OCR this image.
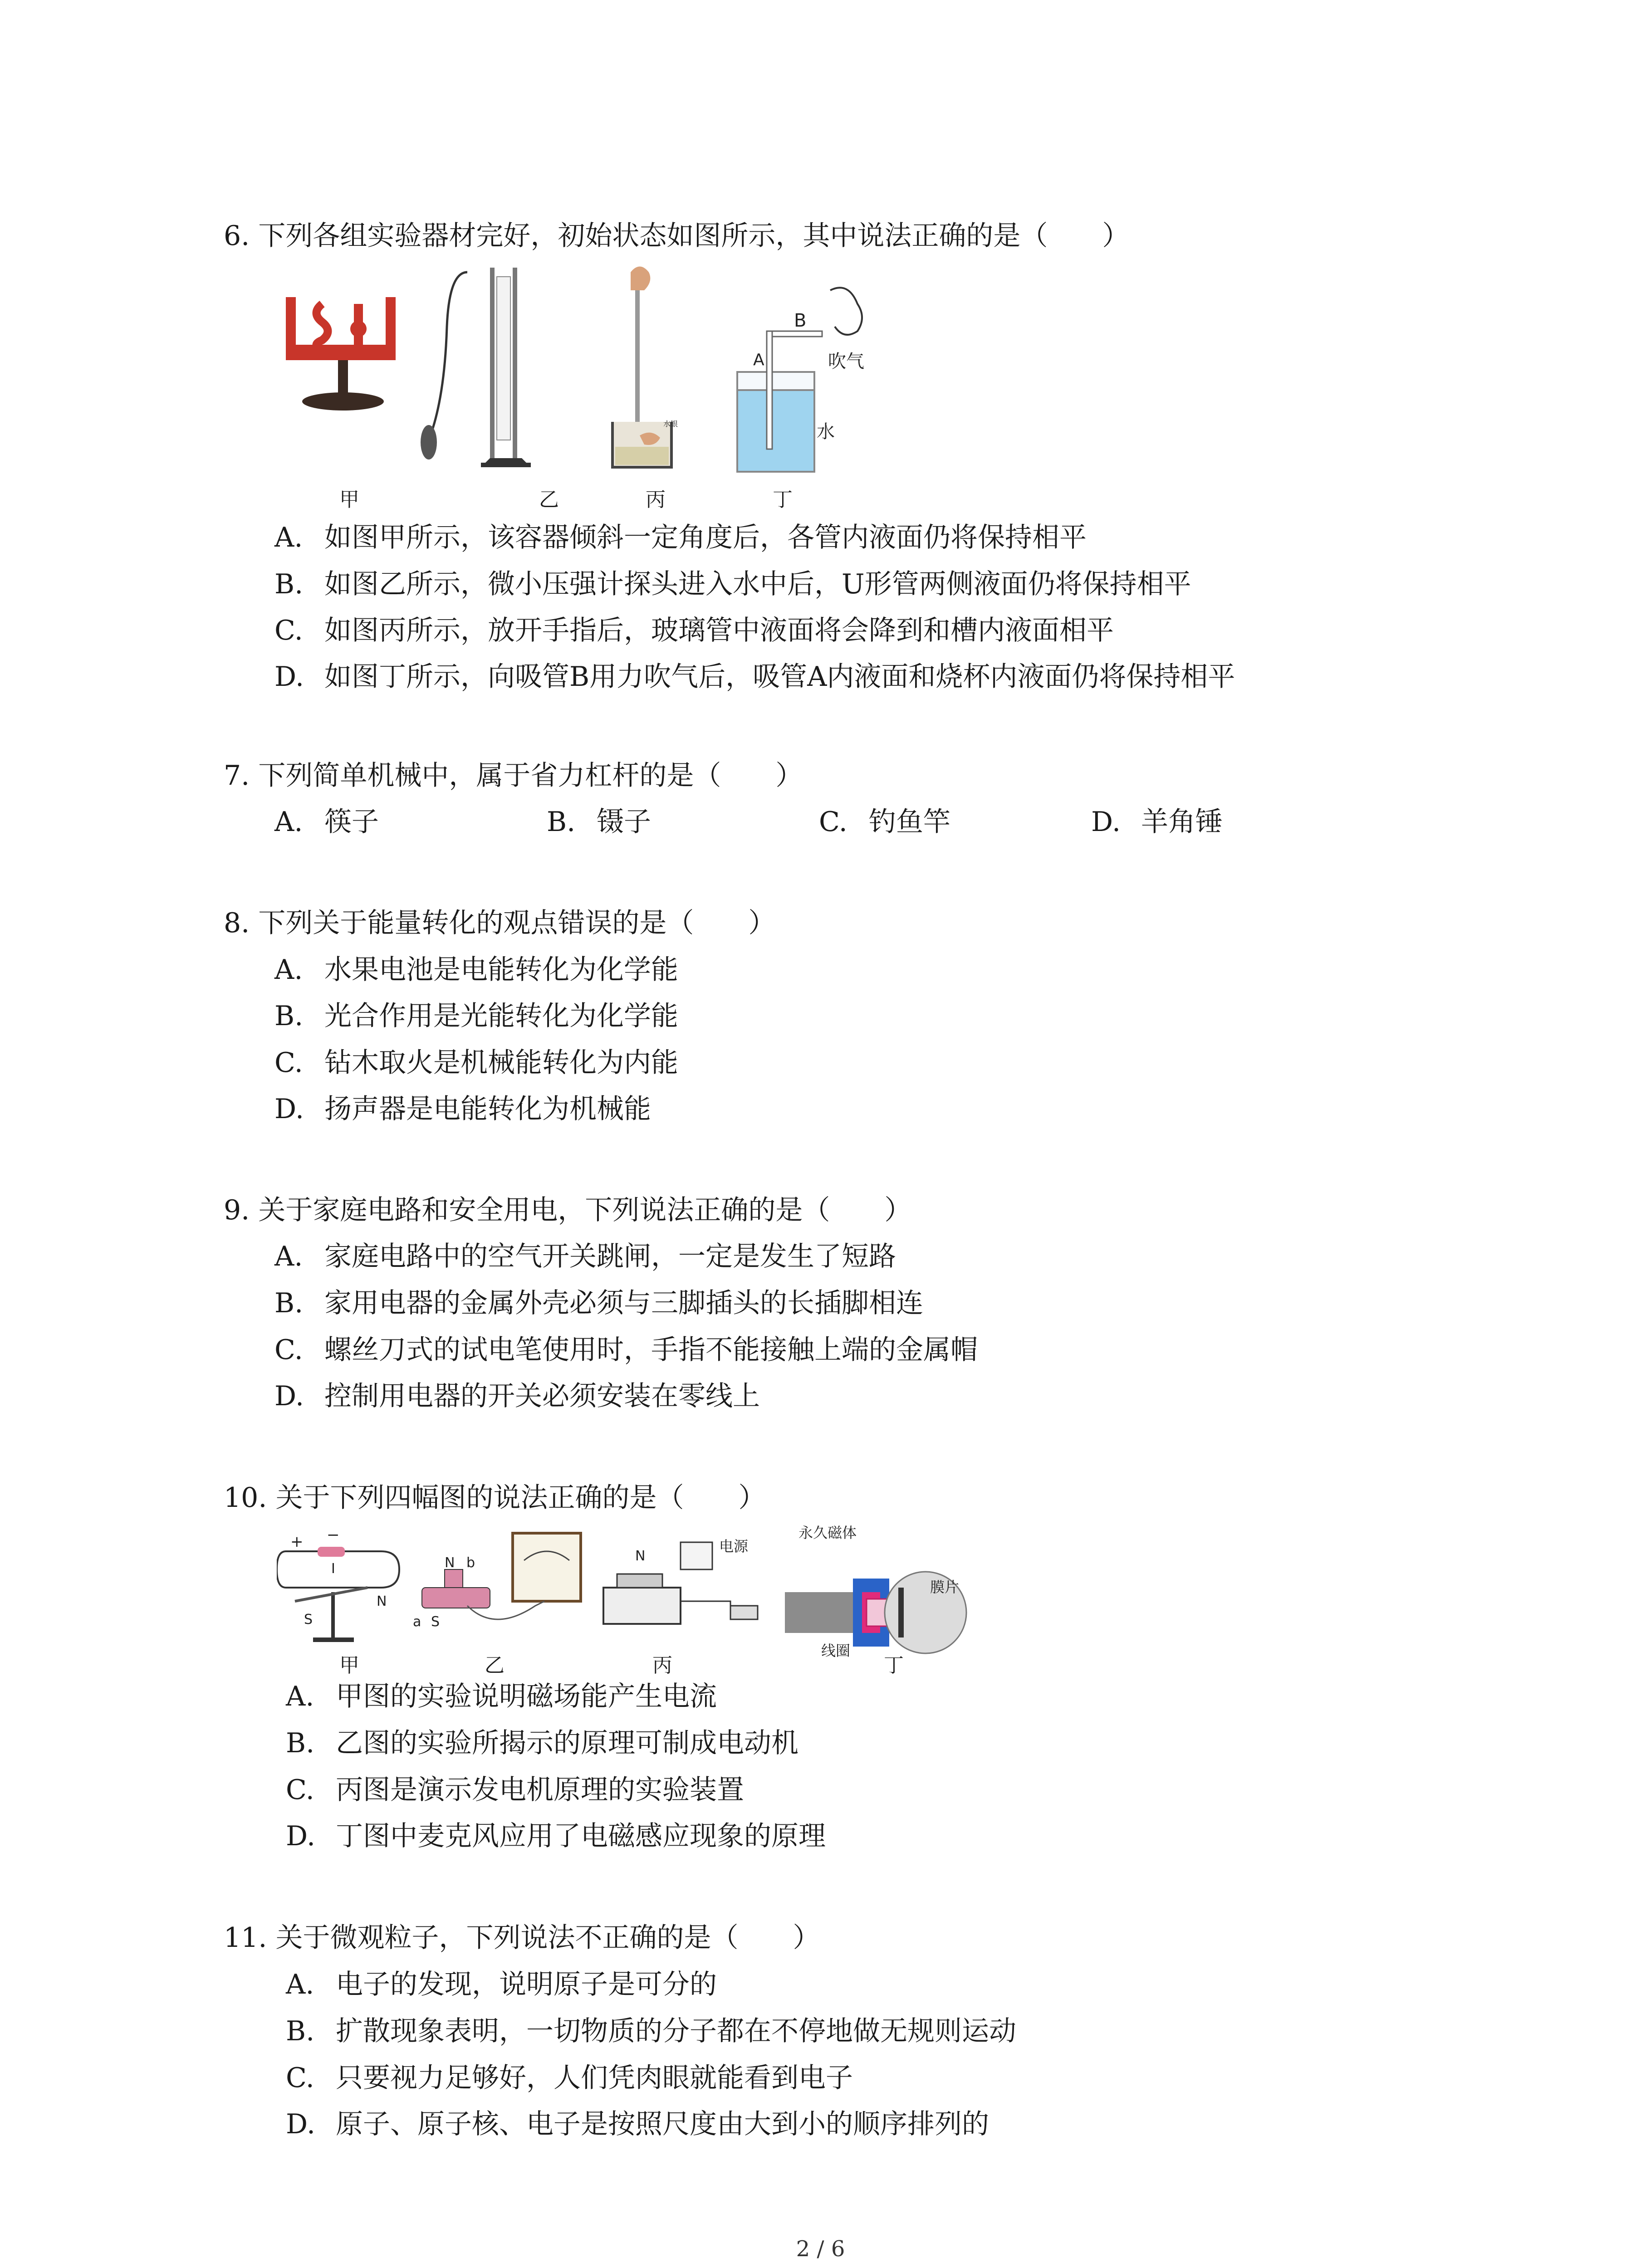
6. 下列各组实验器材完好，初始状态如图所示，其中说法正确的是（　　）
水银
B
A	吹气
水
甲	乙	丙	丁
A. 如图甲所示，该容器倾斜一定角度后，各管内液面仍将保持相平
B. 如图乙所示，微小压强计探头进入水中后，U形管两侧液面仍将保持相平
C. 如图丙所示，放开手指后，玻璃管中液面将会降到和槽内液面相平
D. 如图丁所示，向吸管B用力吹气后，吸管A内液面和烧杯内液面仍将保持相平
7. 下列简单机械中，属于省力杠杆的是（　　）
A. 筷子	B. 镊子	C. 钓鱼竿	D. 羊角锤
8. 下列关于能量转化的观点错误的是（　　）
A. 水果电池是电能转化为化学能
B. 光合作用是光能转化为化学能
C. 钻木取火是机械能转化为内能
D. 扬声器是电能转化为机械能
9. 关于家庭电路和安全用电，下列说法正确的是（　　）
A. 家庭电路中的空气开关跳闸，一定是发生了短路
B. 家用电器的金属外壳必须与三脚插头的长插脚相连
C. 螺丝刀式的试电笔使用时，手指不能接触上端的金属帽
D. 控制用电器的开关必须安装在零线上
10. 关于下列四幅图的说法正确的是（　　）
+ −
I
S
N
N b
a S
N
电源
永久磁体
膜片
线圈
甲	乙	丙	丁
A. 甲图的实验说明磁场能产生电流
B. 乙图的实验所揭示的原理可制成电动机
C. 丙图是演示发电机原理的实验装置
D. 丁图中麦克风应用了电磁感应现象的原理
11. 关于微观粒子，下列说法不正确的是（　　）
A. 电子的发现，说明原子是可分的
B. 扩散现象表明，一切物质的分子都在不停地做无规则运动
C. 只要视力足够好，人们凭肉眼就能看到电子
D. 原子、原子核、电子是按照尺度由大到小的顺序排列的
2 / 6
